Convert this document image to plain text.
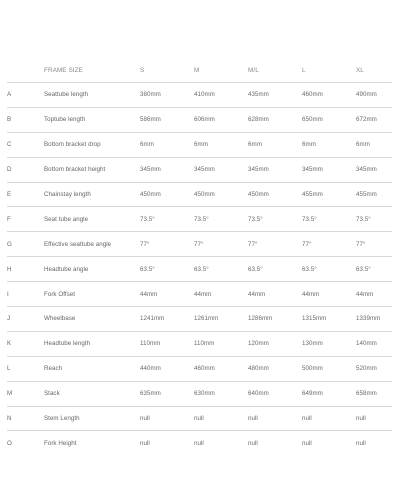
	FRAME SIZE	S	M	M/L	L	XL
A	Seattube length	380mm	410mm	435mm	460mm	490mm
B	Toptube length	586mm	606mm	628mm	650mm	672mm
C	Bottom bracket drop	6mm	6mm	6mm	6mm	6mm
D	Bottom bracket height	345mm	345mm	345mm	345mm	345mm
E	Chainstay length	450mm	450mm	450mm	455mm	455mm
F	Seat tube angle	73.5°	73.5°	73.5°	73.5°	73.5°
G	Effective seattube angle	77°	77°	77°	77°	77°
H	Headtube angle	63.5°	63.5°	63.5°	63.5°	63.5°
I	Fork Offset	44mm	44mm	44mm	44mm	44mm
J	Wheelbase	1241mm	1261mm	1286mm	1315mm	1339mm
K	Headtube length	110mm	110mm	120mm	130mm	140mm
L	Reach	440mm	460mm	480mm	500mm	520mm
M	Stack	635mm	630mm	640mm	649mm	658mm
N	Stem Length	null	null	null	null	null
O	Fork Height	null	null	null	null	null
